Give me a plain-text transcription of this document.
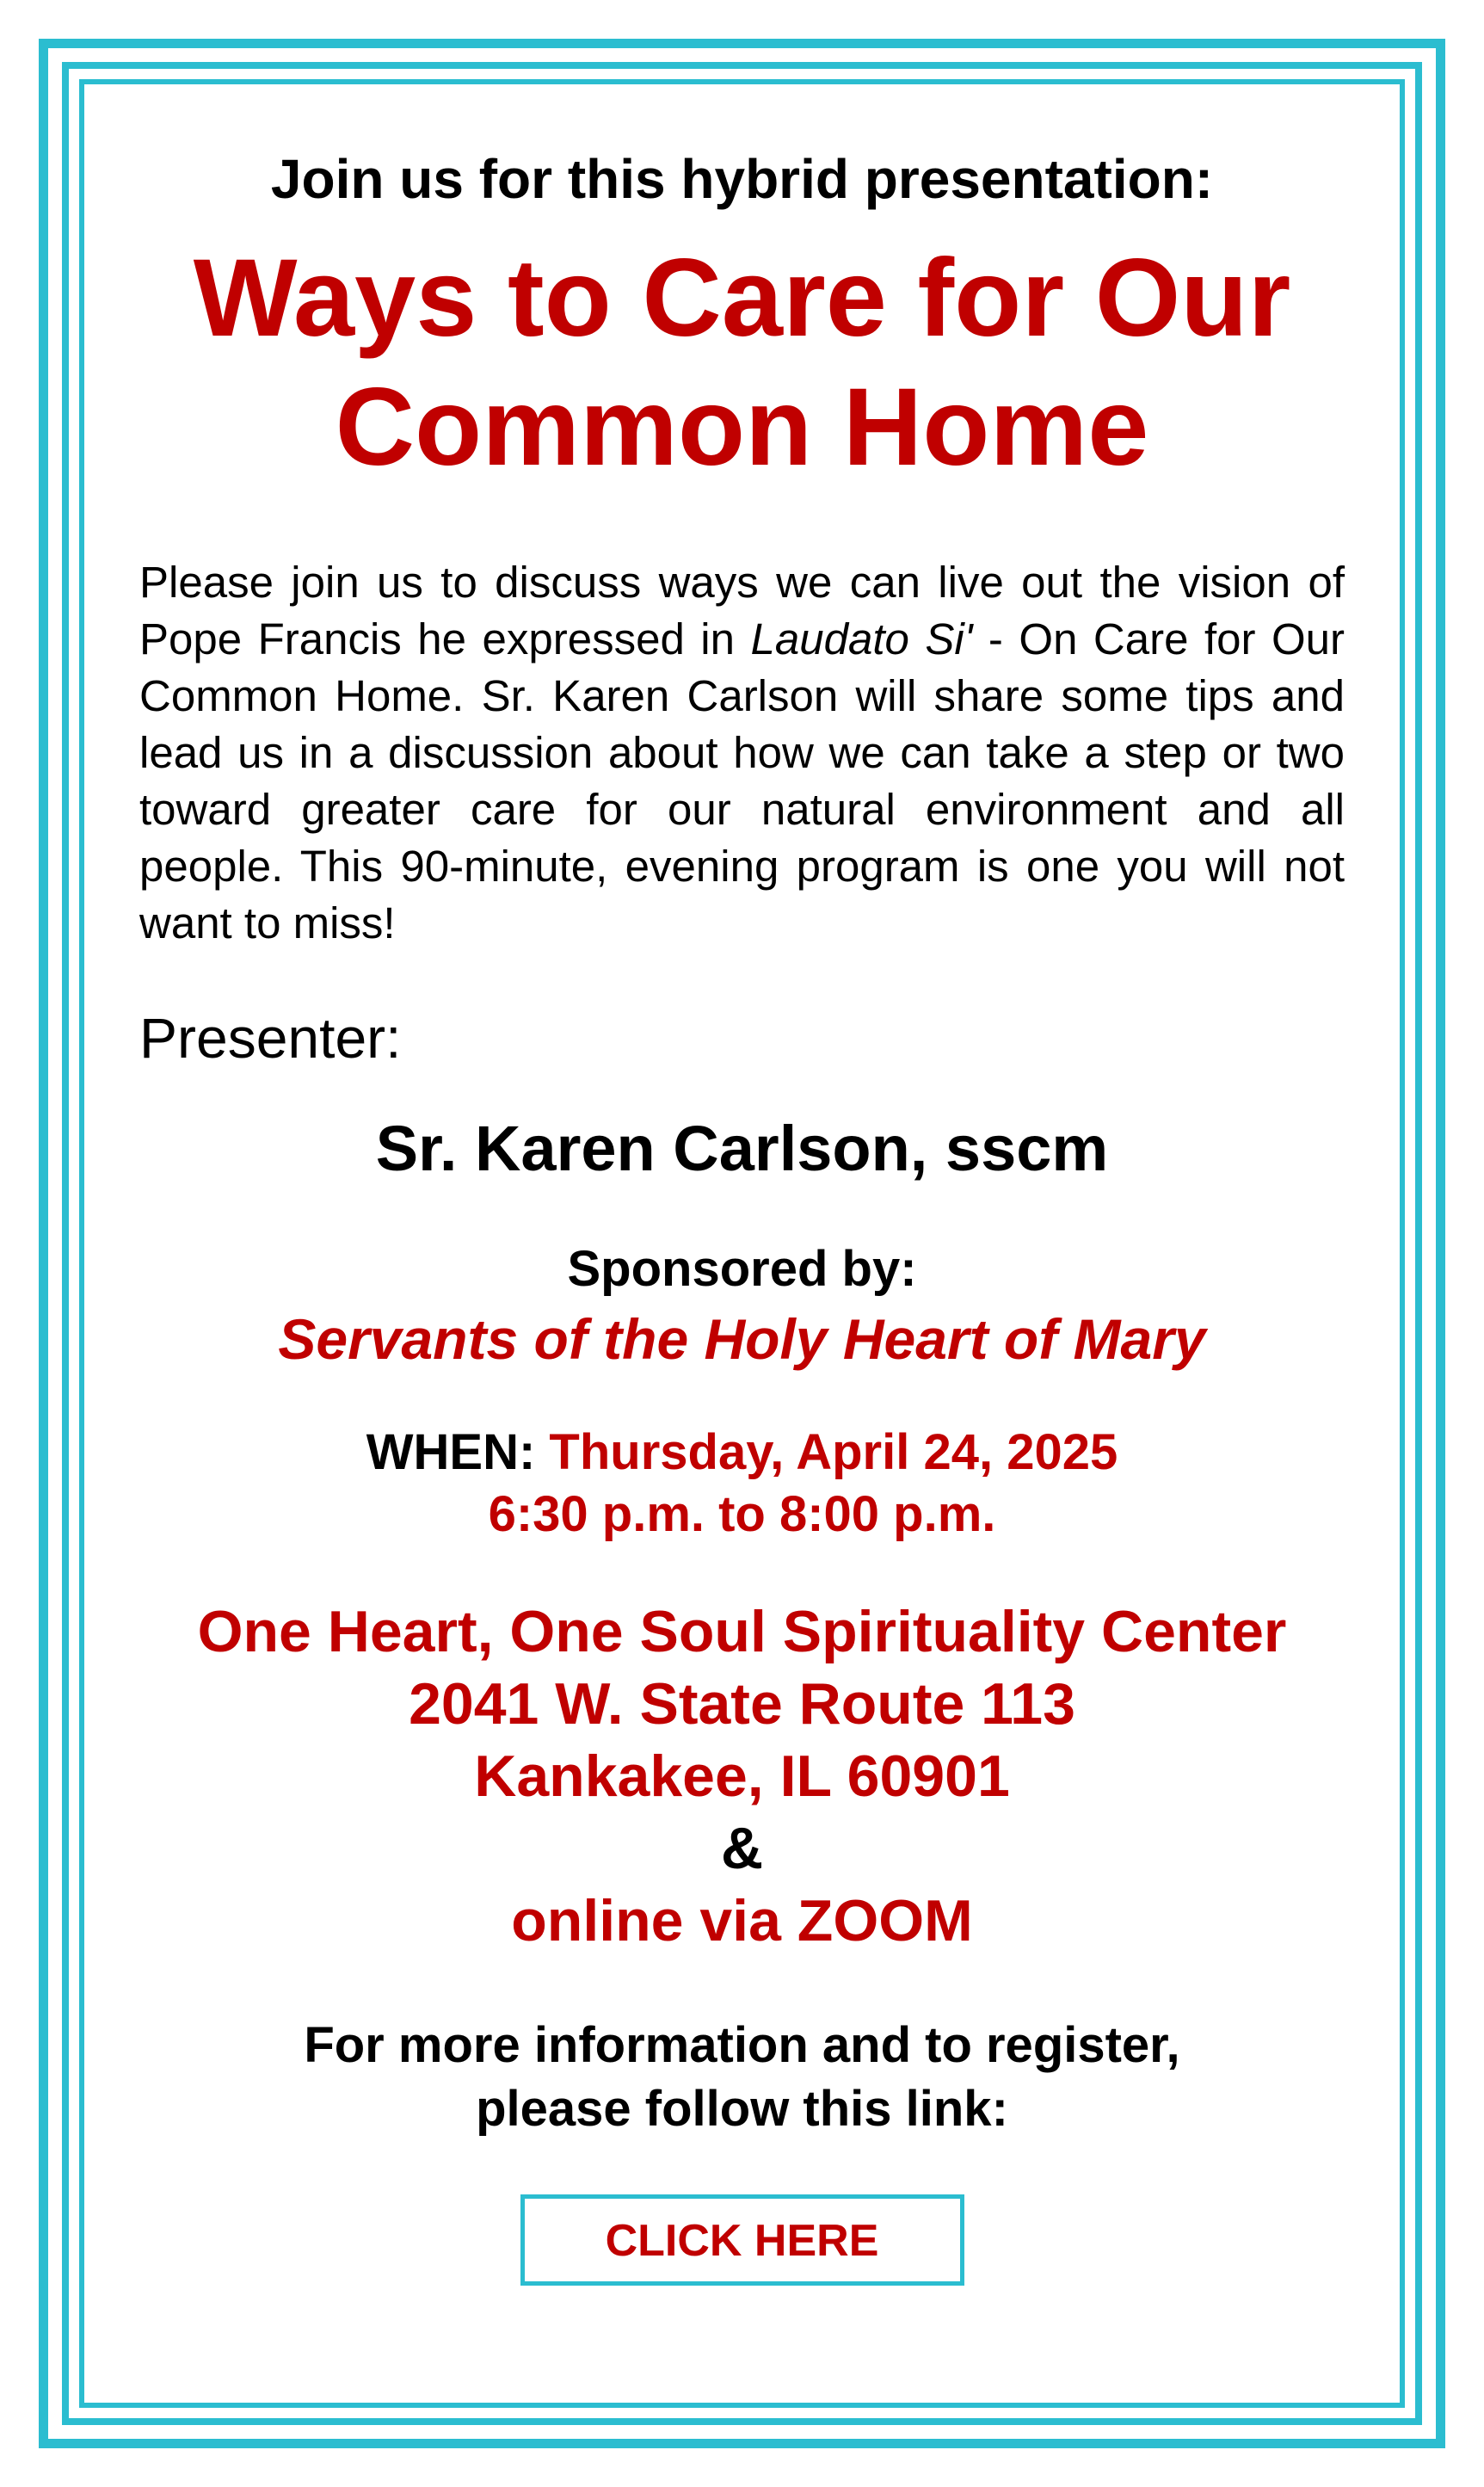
Join us for this hybrid presentation:

Ways to Care for Our
Common Home

Please join us to discuss ways we can live out the vision of Pope Francis he expressed in Laudato Si' - On Care for Our Common Home. Sr. Karen Carlson will share some tips and lead us in a discussion about how we can take a step or two toward greater care for our natural environment and all people. This 90-minute, evening program is one you will not want to miss!

Presenter:

Sr. Karen Carlson, sscm

Sponsored by:

Servants of the Holy Heart of Mary

WHEN: Thursday, April 24, 2025
6:30 p.m. to 8:00 p.m.

One Heart, One Soul Spirituality Center
2041 W. State Route 113
Kankakee, IL 60901
&
online via ZOOM

For more information and to register,
please follow this link:

CLICK HERE
